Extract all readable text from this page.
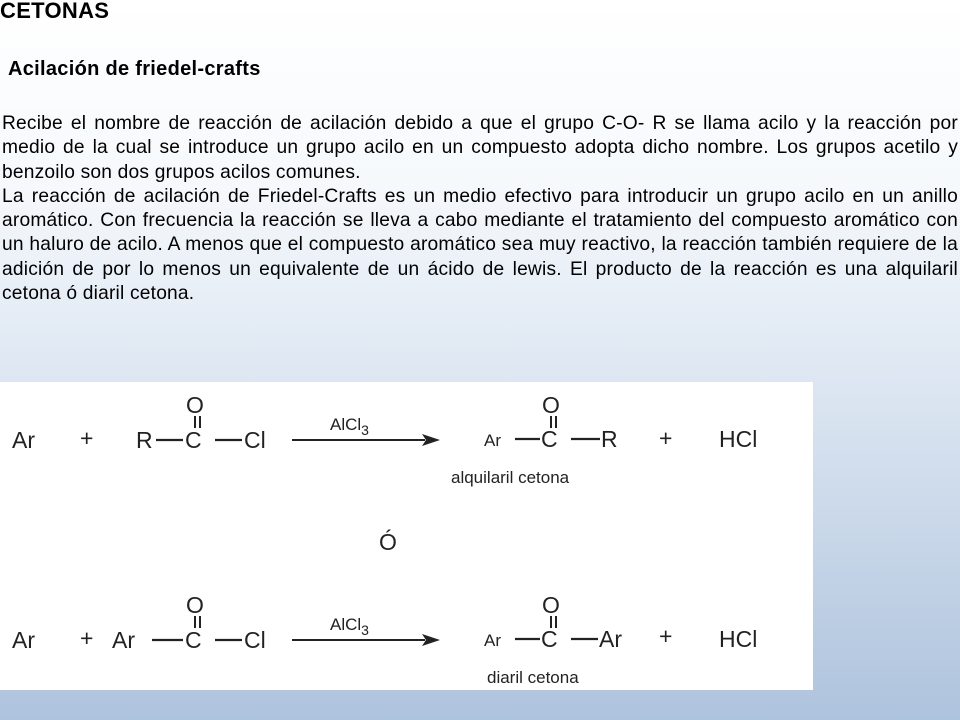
CETONAS
Acilación de friedel-crafts

Recibe el nombre de reacción de acilación debido a que el grupo C-O- R se llama acilo y la reacción por medio de la cual se introduce un grupo acilo en un compuesto adopta dicho nombre. Los grupos acetilo y benzoilo son dos grupos acilos comunes.

La reacción de acilación de Friedel-Crafts es un medio efectivo para introducir un grupo acilo en un anillo aromático. Con frecuencia la reacción se lleva a cabo mediante el tratamiento del compuesto aromático con un haluro de acilo. A menos que el compuesto aromático sea muy reactivo, la reacción también requiere de la adición de por lo menos un equivalente de un ácido de lewis. El producto de la reacción es una alquilaril cetona ó diaril cetona.

Ar + R C
O
Cl
AlCl$_3$
Ar C
O
R + HCl
alquilaril cetona
Ó
Ar + Ar C
O
Cl
AlCl$_3$
Ar C
O
Ar + HCl
diaril cetona
